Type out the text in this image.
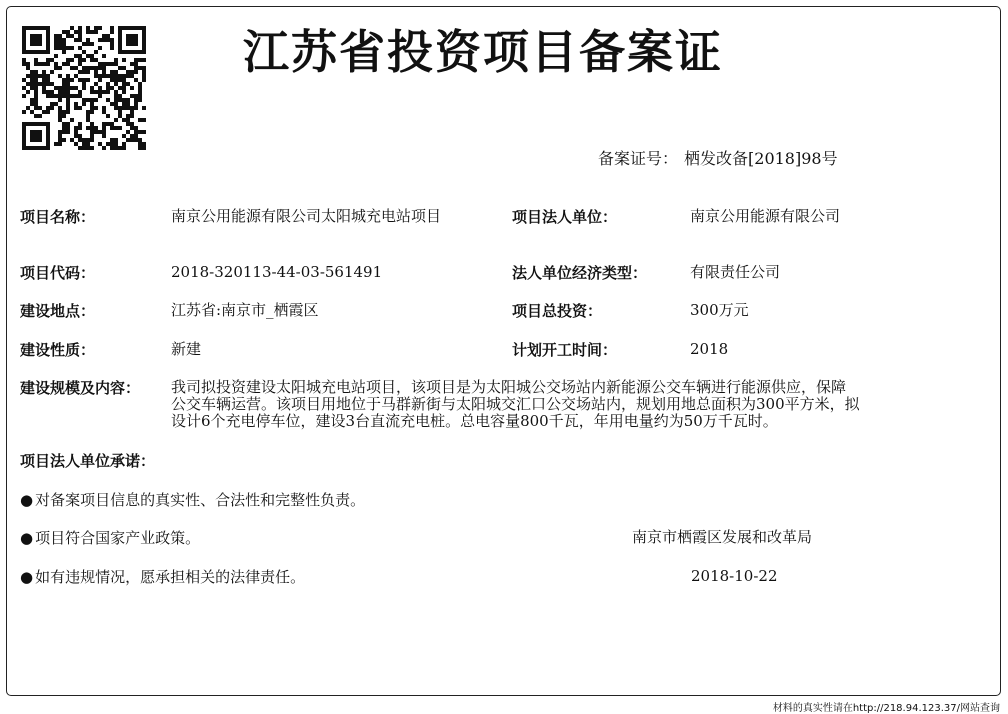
江苏省投资项目备案证
备案证号： 栖发改备[2018]98号
项目名称：	南京公用能源有限公司太阳城充电站项目	项目法人单位：	南京公用能源有限公司
项目代码：	2018-320113-44-03-561491	法人单位经济类型：	有限责任公司
建设地点：	江苏省:南京市_栖霞区	项目总投资：	300万元
建设性质：	新建	计划开工时间：	2018
建设规模及内容： 我司拟投资建设太阳城充电站项目，该项目是为太阳城公交场站内新能源公交车辆进行能源供应，保障
公交车辆运营。该项目用地位于马群新街与太阳城交汇口公交场站内，规划用地总面积为300平方米，拟
设计6个充电停车位，建设3台直流充电桩。总电容量800千瓦，年用电量约为50万千瓦时。
项目法人单位承诺：
● 对备案项目信息的真实性、合法性和完整性负责。
● 项目符合国家产业政策。
● 如有违规情况，愿承担相关的法律责任。
南京市栖霞区发展和改革局
2018-10-22
材料的真实性请在http://218.94.123.37/网站查询
